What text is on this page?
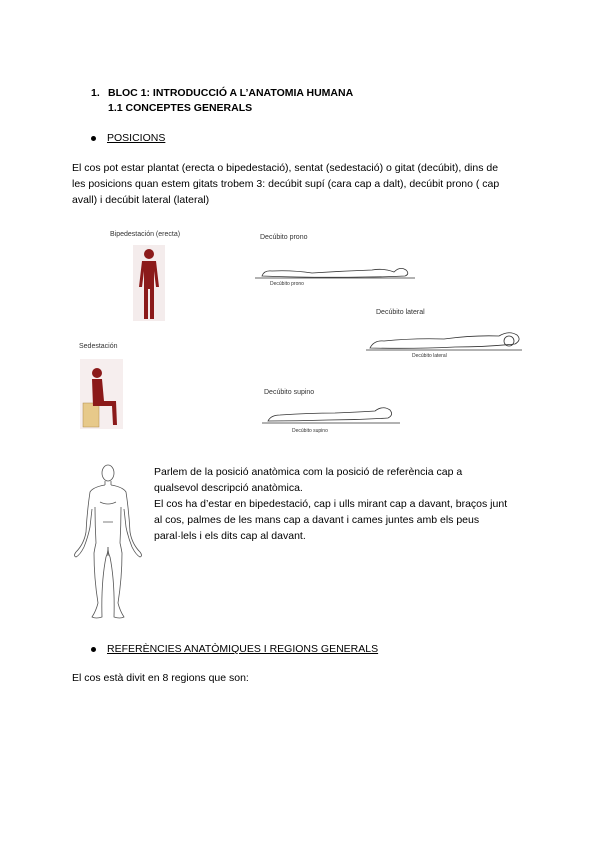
1. BLOC 1: INTRODUCCIÓ A L’ANATOMIA HUMANA
1.1 CONCEPTES GENERALS
POSICIONS
El cos pot estar plantat (erecta o bipedestació), sentat (sedestació) o gitat (decúbit), dins de
les posicions quan estem gitats trobem 3: decúbit supí (cara cap a dalt), decúbit prono ( cap
avall) i decúbit lateral (lateral)
Bipedestación (erecta)
Sedestación
Decúbito prono
Decúbito prono
Decúbito lateral
Decúbito lateral
Decúbito supino
Decúbito supino
Parlem de la posició anatòmica com la posició de referència cap a
qualsevol descripció anatòmica.
El cos ha d’estar en bipedestació, cap i ulls mirant cap a davant, braços junt
al cos, palmes de les mans cap a davant i cames juntes amb els peus
paral·lels i els dits cap al davant.
REFERÈNCIES ANATÒMIQUES I REGIONS GENERALS
El cos està divit en 8 regions que son:
